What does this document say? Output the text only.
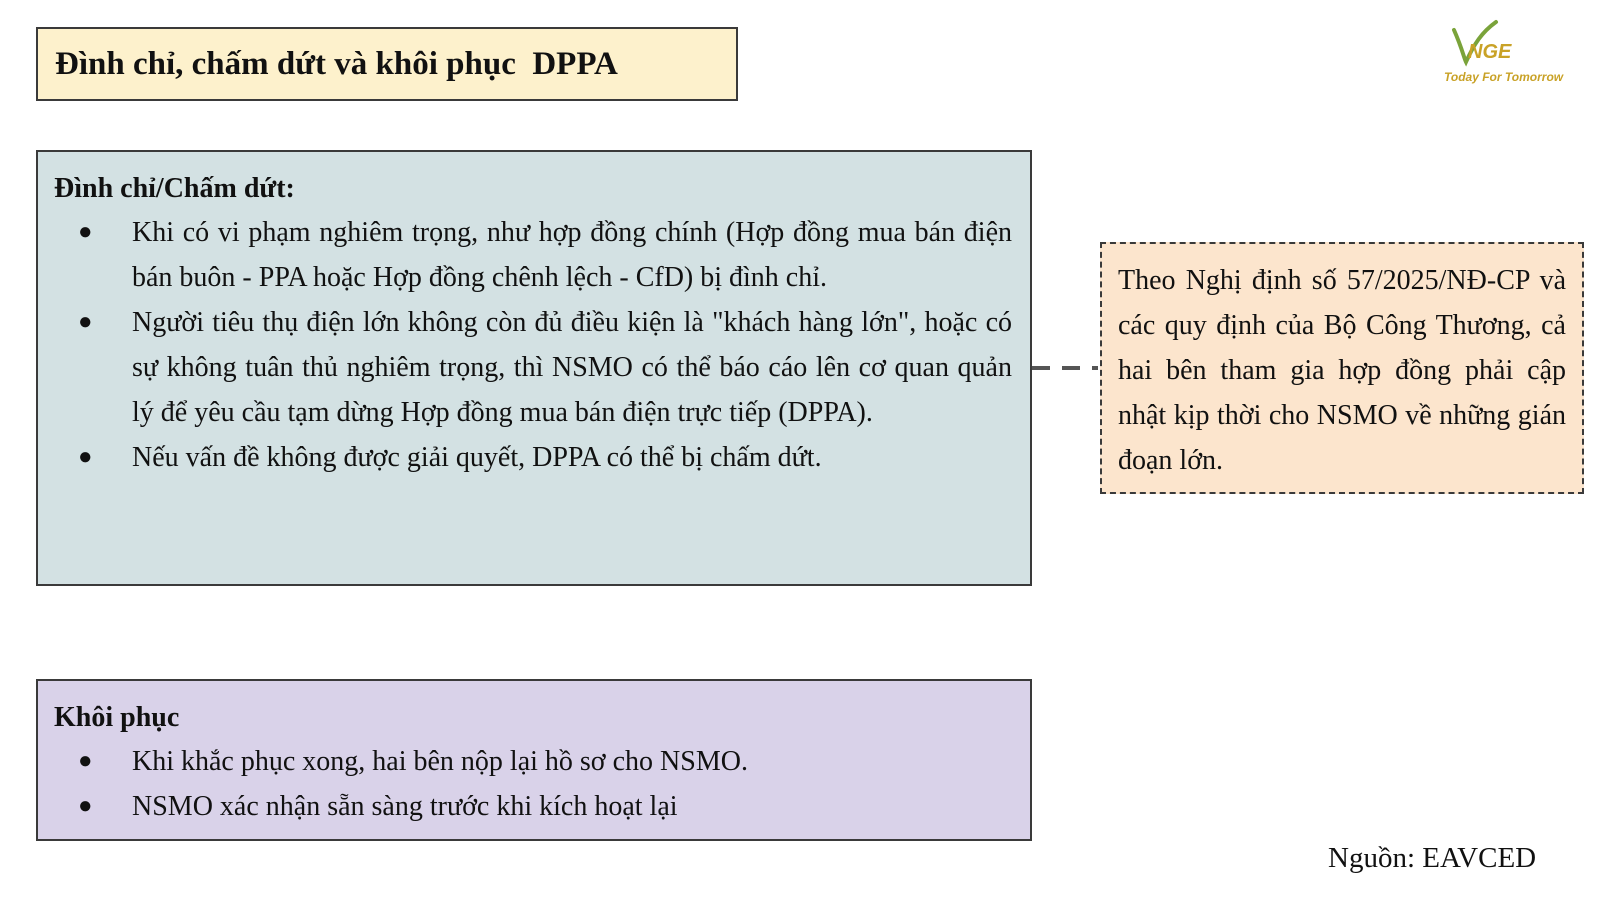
Đình chỉ, chấm dứt và khôi phục  DPPA	NGE
Today For Tomorrow

Đình chỉ/Chấm dứt:

● Khi có vi phạm nghiêm trọng, như hợp đồng chính (Hợp đồng mua bán điện bán buôn - PPA hoặc Hợp đồng chênh lệch - CfD) bị đình chỉ.
● Người tiêu thụ điện lớn không còn đủ điều kiện là "khách hàng lớn", hoặc có sự không tuân thủ nghiêm trọng, thì NSMO có thể báo cáo lên cơ quan quản lý để yêu cầu tạm dừng Hợp đồng mua bán điện trực tiếp (DPPA).
● Nếu vấn đề không được giải quyết, DPPA có thể bị chấm dứt.

Theo Nghị định số 57/2025/NĐ-CP và các quy định của Bộ Công Thương, cả hai bên tham gia hợp đồng phải cập nhật kịp thời cho NSMO về những gián đoạn lớn.

Khôi phục

● Khi khắc phục xong, hai bên nộp lại hồ sơ cho NSMO.
● NSMO xác nhận sẵn sàng trước khi kích hoạt lại
Nguồn: EAVCED
